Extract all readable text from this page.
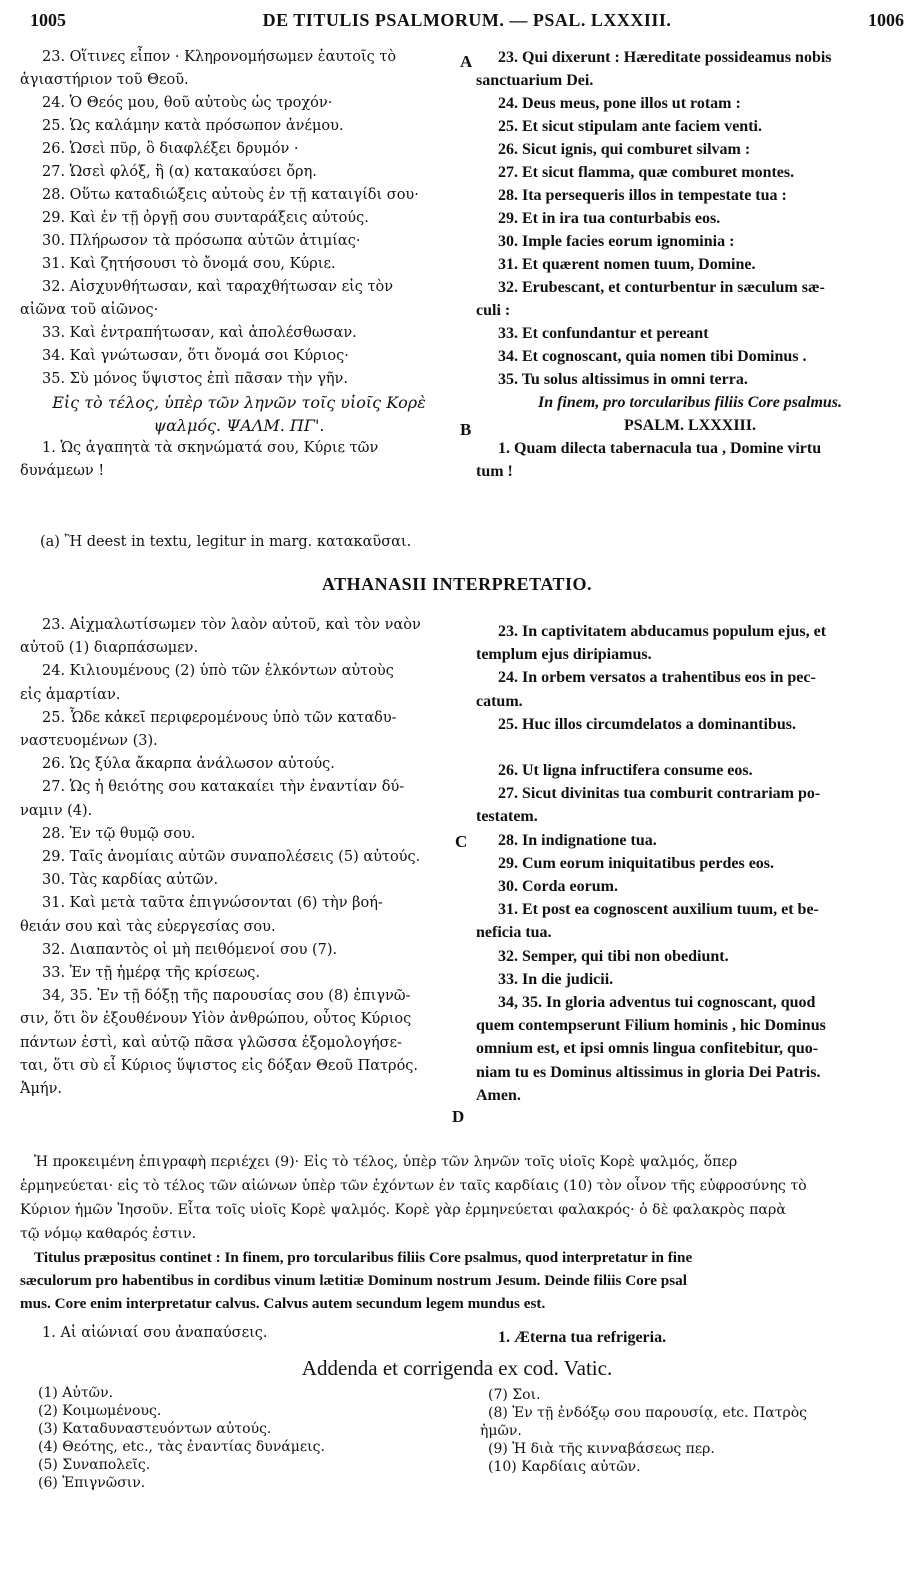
1005	DE TITULIS PSALMORUM. — PSAL. LXXXIII.	1006

23. Οἵτινες εἶπον · Κληρονομήσωμεν ἑαυτοῖς τὸ

ἁγιαστήριον τοῦ Θεοῦ.

24. Ὁ Θεός μου, θοῦ αὐτοὺς ὡς τροχόν·

25. Ὡς καλάμην κατὰ πρόσωπον ἀνέμου.

26. Ὡσεὶ πῦρ, ὃ διαφλέξει δρυμόν ·

27. Ὡσεὶ φλόξ, ἣ (α) κατακαύσει ὄρη.

28. Οὕτω καταδιώξεις αὐτοὺς ἐν τῇ καταιγίδι σου·

29. Καὶ ἐν τῇ ὀργῇ σου συνταράξεις αὐτούς.

30. Πλήρωσον τὰ πρόσωπα αὐτῶν ἀτιμίας·

31. Καὶ ζητήσουσι τὸ ὄνομά σου, Κύριε.

32. Αἰσχυνθήτωσαν, καὶ ταραχθήτωσαν εἰς τὸν

αἰῶνα τοῦ αἰῶνος·

33. Καὶ ἐντραπήτωσαν, καὶ ἀπολέσθωσαν.

34. Καὶ γνώτωσαν, ὅτι ὄνομά σοι Κύριος·

35. Σὺ μόνος ὕψιστος ἐπὶ πᾶσαν τὴν γῆν.

Εἰς τὸ τέλος, ὑπὲρ τῶν ληνῶν τοῖς υἱοῖς Κορὲ

ψαλμός. ΨΑΛΜ. ΠΓ'.

1. Ὡς ἀγαπητὰ τὰ σκηνώματά σου, Κύριε τῶν

δυνάμεων !

23. Qui dixerunt : Hæreditate possideamus nobis

sanctuarium Dei.

24. Deus meus, pone illos ut rotam :

25. Et sicut stipulam ante faciem venti.

26. Sicut ignis, qui comburet silvam :

27. Et sicut flamma, quæ comburet montes.

28. Ita persequeris illos in tempestate tua :

29. Et in ira tua conturbabis eos.

30. Imple facies eorum ignominia :

31. Et quærent nomen tuum, Domine.

32. Erubescant, et conturbentur in sæculum sæ-

culi :

33. Et confundantur et pereant

34. Et cognoscant, quia nomen tibi Dominus .

35. Tu solus altissimus in omni terra.

In finem, pro torcularibus filiis Core psalmus.

PSALM. LXXXIII.

1. Quam dilecta tabernacula tua , Domine virtu

tum !

(a) Ἢ deest in textu, legitur in marg. κατακαῦσαι.
A
B
C
D
ATHANASII INTERPRETATIO.

23. Αἰχμαλωτίσωμεν τὸν λαὸν αὐτοῦ, καὶ τὸν ναὸν

αὐτοῦ (1) διαρπάσωμεν.

24. Κιλιουμένους (2) ὑπὸ τῶν ἑλκόντων αὐτοὺς

εἰς ἁμαρτίαν.

25. Ὧδε κἀκεῖ περιφερομένους ὑπὸ τῶν καταδυ-

ναστευομένων (3).

26. Ὡς ξύλα ἄκαρπα ἀνάλωσον αὐτούς.

27. Ὡς ἡ θειότης σου κατακαίει τὴν ἐναντίαν δύ-

ναμιν (4).

28. Ἐν τῷ θυμῷ σου.

29. Ταῖς ἀνομίαις αὐτῶν συναπολέσεις (5) αὐτούς.

30. Τὰς καρδίας αὐτῶν.

31. Καὶ μετὰ ταῦτα ἐπιγνώσονται (6) τὴν βοή-

θειάν σου καὶ τὰς εὐεργεσίας σου.

32. Διαπαντὸς οἱ μὴ πειθόμενοί σου (7).

33. Ἐν τῇ ἡμέρᾳ τῆς κρίσεως.

34, 35. Ἐν τῇ δόξῃ τῆς παρουσίας σου (8) ἐπιγνῶ-

σιν, ὅτι ὃν ἐξουθένουν Υἱὸν ἀνθρώπου, οὗτος Κύριος

πάντων ἐστὶ, καὶ αὐτῷ πᾶσα γλῶσσα ἐξομολογήσε-

ται, ὅτι σὺ εἶ Κύριος ὕψιστος εἰς δόξαν Θεοῦ Πατρός.

Ἀμήν.

23. In captivitatem abducamus populum ejus, et

templum ejus diripiamus.

24. In orbem versatos a trahentibus eos in pec-

catum.

25. Huc illos circumdelatos a dominantibus.

26. Ut ligna infructifera consume eos.

27. Sicut divinitas tua comburit contrariam po-

testatem.

28. In indignatione tua.

29. Cum eorum iniquitatibus perdes eos.

30. Corda eorum.

31. Et post ea cognoscent auxilium tuum, et be-

neficia tua.

32. Semper, qui tibi non obediunt.

33. In die judicii.

34, 35. In gloria adventus tui cognoscant, quod

quem contempserunt Filium hominis , hic Dominus

omnium est, et ipsi omnis lingua confitebitur, quo-

niam tu es Dominus altissimus in gloria Dei Patris.

Amen.

Ἡ προκειμένη ἐπιγραφὴ περιέχει (9)· Εἰς τὸ τέλος, ὑπὲρ τῶν ληνῶν τοῖς υἱοῖς Κορὲ ψαλμός, ὅπερ

ἑρμηνεύεται· εἰς τὸ τέλος τῶν αἰώνων ὑπὲρ τῶν ἐχόντων ἐν ταῖς καρδίαις (10) τὸν οἶνον τῆς εὐφροσύνης τὸ

Κύριον ἡμῶν Ἰησοῦν. Εἶτα τοῖς υἱοῖς Κορὲ ψαλμός. Κορὲ γὰρ ἑρμηνεύεται φαλακρός· ὁ δὲ φαλακρὸς παρὰ

τῷ νόμῳ καθαρός ἐστιν.

Titulus præpositus continet : In finem, pro torcularibus filiis Core psalmus, quod interpretatur in fine

sæculorum pro habentibus in cordibus vinum lætitiæ Dominum nostrum Jesum. Deinde filiis Core psal

mus. Core enim interpretatur calvus. Calvus autem secundum legem mundus est.

1. Αἱ αἰώνιαί σου ἀναπαύσεις.	1. Æterna tua refrigeria.

Addenda et corrigenda ex cod. Vatic.

(1) Αὐτῶν.

(2) Κοιμωμένους.

(3) Καταδυναστευόντων αὐτούς.

(4) Θεότης, etc., τὰς ἐναντίας δυνάμεις.

(5) Συναπολεῖς.

(6) Ἐπιγνῶσιν.

(7) Σοι.

(8) Ἐν τῇ ἐνδόξῳ σου παρουσίᾳ, etc. Πατρὸς

ἡμῶν.

(9) Ἡ διὰ τῆς κινναβάσεως περ.

(10) Καρδίαις αὐτῶν.
